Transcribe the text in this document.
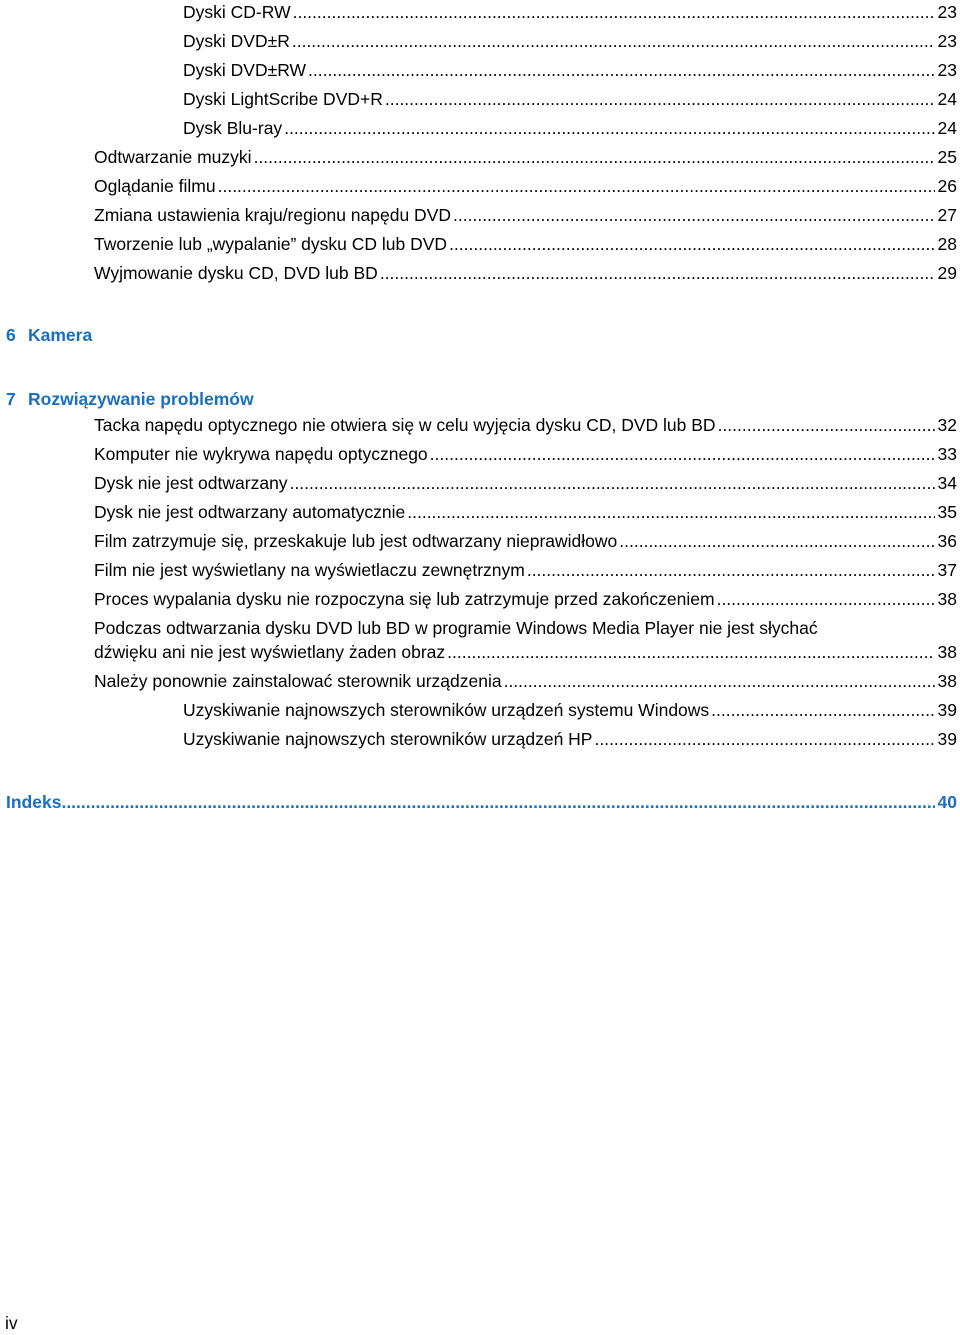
Dyski CD-RW .....	23
Dyski DVD±R .....	23
Dyski DVD±RW .....	23
Dyski LightScribe DVD+R .....	24
Dysk Blu-ray .....	24
Odtwarzanie muzyki .....	25
Oglądanie filmu .....	26
Zmiana ustawienia kraju/regionu napędu DVD .....	27
Tworzenie lub „wypalanie” dysku CD lub DVD .....	28
Wyjmowanie dysku CD, DVD lub BD .....	29
6 Kamera
7 Rozwiązywanie problemów
Tacka napędu optycznego nie otwiera się w celu wyjęcia dysku CD, DVD lub BD .....	32
Komputer nie wykrywa napędu optycznego .....	33
Dysk nie jest odtwarzany .....	34
Dysk nie jest odtwarzany automatycznie .....	35
Film zatrzymuje się, przeskakuje lub jest odtwarzany nieprawidłowo .....	36
Film nie jest wyświetlany na wyświetlaczu zewnętrznym .....	37
Proces wypalania dysku nie rozpoczyna się lub zatrzymuje przed zakończeniem .....	38
Podczas odtwarzania dysku DVD lub BD w programie Windows Media Player nie jest słychać
dźwięku ani nie jest wyświetlany żaden obraz .....	38
Należy ponownie zainstalować sterownik urządzenia .....	38
Uzyskiwanie najnowszych sterowników urządzeń systemu Windows .....	39
Uzyskiwanie najnowszych sterowników urządzeń HP .....	39
Indeks .....	40
iv
